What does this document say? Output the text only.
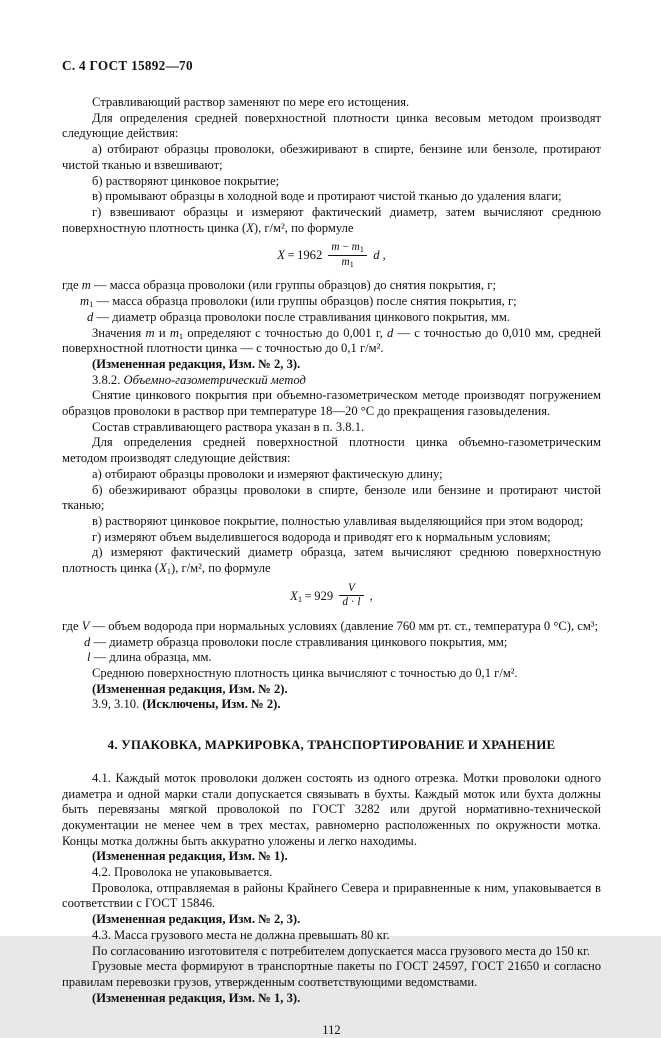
С. 4 ГОСТ 15892—70
Стравливающий раствор заменяют по мере его истощения.
Для определения средней поверхностной плотности цинка весовым методом производят следующие действия:
а) отбирают образцы проволоки, обезжиривают в спирте, бензине или бензоле, протирают чистой тканью и взвешивают;
б) растворяют цинковое покрытие;
в) промывают образцы в холодной воде и протирают чистой тканью до удаления влаги;
г) взвешивают образцы и измеряют фактический диаметр, затем вычисляют среднюю поверхностную плотность цинка (X), г/м², по формуле
$X = 1962 \frac{m - m_1}{m_1}$ d ,
где m — масса образца проволоки (или группы образцов) до снятия покрытия, г;
$m_1$ — масса образца проволоки (или группы образцов) после снятия покрытия, г;
d — диаметр образца проволоки после стравливания цинкового покрытия, мм.
Значения m и $m_1$ определяют с точностью до 0,001 г, d — с точностью до 0,010 мм, средней поверхностной плотности цинка — с точностью до 0,1 г/м².
(Измененная редакция, Изм. № 2, 3).
3.8.2. Объемно-газометрический метод
Снятие цинкового покрытия при объемно-газометрическом методе производят погружением образцов проволоки в раствор при температуре 18—20 °С до прекращения газовыделения.
Состав стравливающего раствора указан в п. 3.8.1.
Для определения средней поверхностной плотности цинка объемно-газометрическим методом производят следующие действия:
а) отбирают образцы проволоки и измеряют фактическую длину;
б) обезжиривают образцы проволоки в спирте, бензоле или бензине и протирают чистой тканью;
в) растворяют цинковое покрытие, полностью улавливая выделяющийся при этом водород;
г) измеряют объем выделившегося водорода и приводят его к нормальным условиям;
д) измеряют фактический диаметр образца, затем вычисляют среднюю поверхностную плотность цинка $(X_1)$, г/м², по формуле
$X_1 = 929 \frac{V}{d \cdot l}$ ,
где V — объем водорода при нормальных условиях (давление 760 мм рт. ст., температура 0 °С), см³;
d — диаметр образца проволоки после стравливания цинкового покрытия, мм;
l — длина образца, мм.
Среднюю поверхностную плотность цинка вычисляют с точностью до 0,1 г/м².
(Измененная редакция, Изм. № 2).
3.9, 3.10. (Исключены, Изм. № 2).
4. УПАКОВКА, МАРКИРОВКА, ТРАНСПОРТИРОВАНИЕ И ХРАНЕНИЕ
4.1. Каждый моток проволоки должен состоять из одного отрезка. Мотки проволоки одного диаметра и одной марки стали допускается связывать в бухты. Каждый моток или бухта должны быть перевязаны мягкой проволокой по ГОСТ 3282 или другой нормативно-технической документации не менее чем в трех местах, равномерно расположенных по окружности мотка. Концы мотка должны быть аккуратно уложены и легко находимы.
(Измененная редакция, Изм. № 1).
4.2. Проволока не упаковывается.
Проволока, отправляемая в районы Крайнего Севера и приравненные к ним, упаковывается в соответствии с ГОСТ 15846.
(Измененная редакция, Изм. № 2, 3).
4.3. Масса грузового места не должна превышать 80 кг.
По согласованию изготовителя с потребителем допускается масса грузового места до 150 кг.
Грузовые места формируют в транспортные пакеты по ГОСТ 24597, ГОСТ 21650 и согласно правилам перевозки грузов, утвержденным соответствующими ведомствами.
(Измененная редакция, Изм. № 1, 3).
112
